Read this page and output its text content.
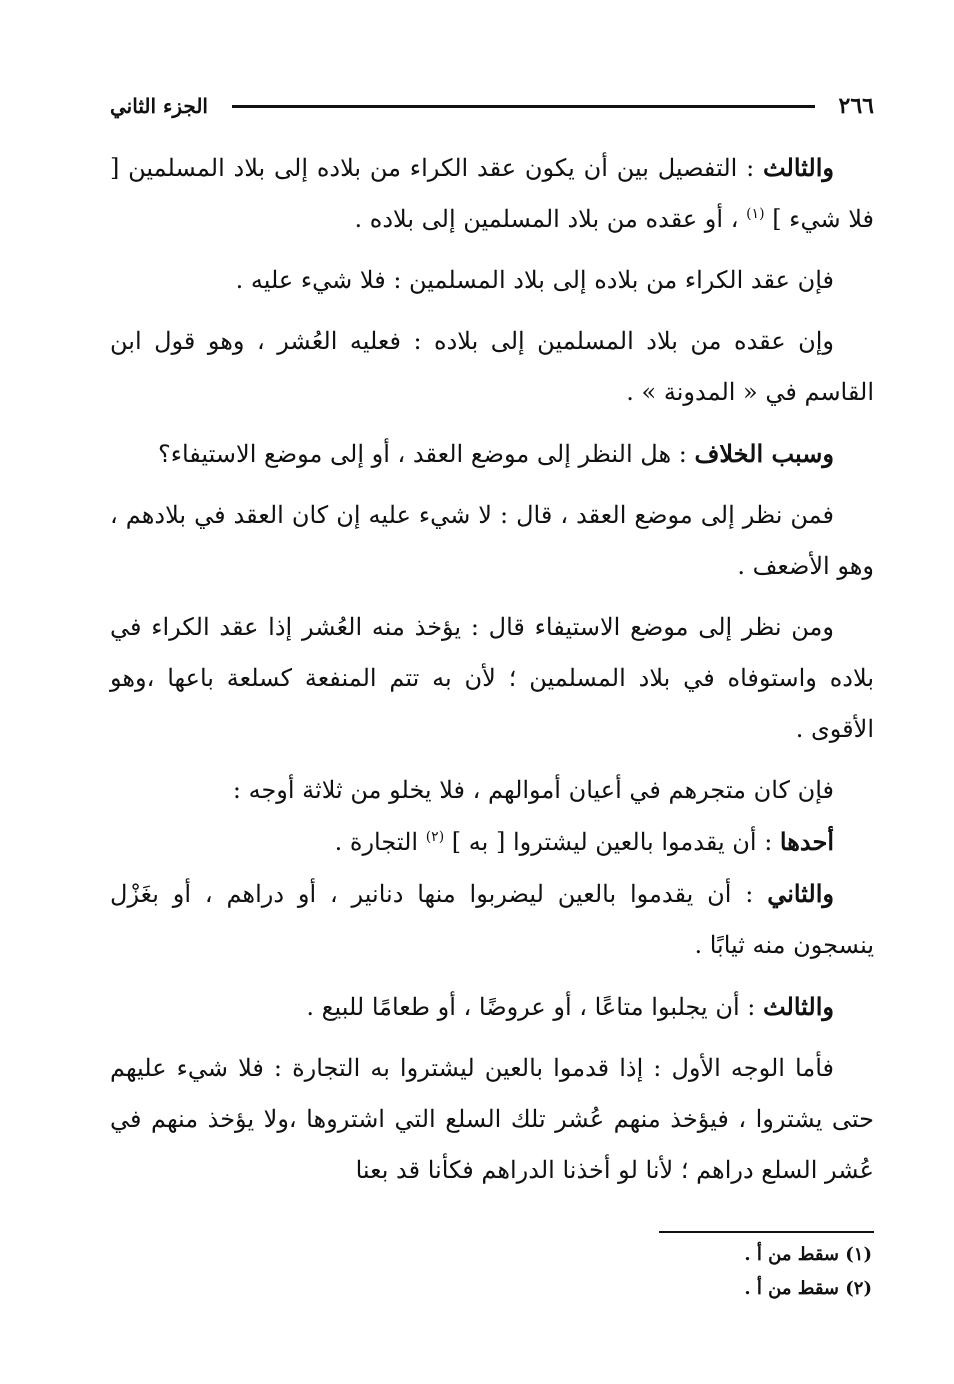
٢٦٦
الجزء الثاني

والثالث : التفصيل بين أن يكون عقد الكراء من بلاده إلى بلاد المسلمين [ فلا شيء ] $^{(١)}$ ، أو عقده من بلاد المسلمين إلى بلاده .

فإن عقد الكراء من بلاده إلى بلاد المسلمين : فلا شيء عليه .

وإن عقده من بلاد المسلمين إلى بلاده : فعليه العُشر ، وهو قول ابن القاسم في « المدونة » .

وسبب الخلاف : هل النظر إلى موضع العقد ، أو إلى موضع الاستيفاء؟

فمن نظر إلى موضع العقد ، قال : لا شيء عليه إن كان العقد في بلادهم ، وهو الأضعف .

ومن نظر إلى موضع الاستيفاء قال : يؤخذ منه العُشر إذا عقد الكراء في بلاده واستوفاه في بلاد المسلمين ؛ لأن به تتم المنفعة كسلعة باعها ،وهو الأقوى .

فإن كان متجرهم في أعيان أموالهم ، فلا يخلو من ثلاثة أوجه :

أحدها : أن يقدموا بالعين ليشتروا [ به ] $^{(٢)}$ التجارة .

والثاني : أن يقدموا بالعين ليضربوا منها دنانير ، أو دراهم ، أو بغَزْل ينسجون منه ثيابًا .

والثالث : أن يجلبوا متاعًا ، أو عروضًا ، أو طعامًا للبيع .

فأما الوجه الأول : إذا قدموا بالعين ليشتروا به التجارة : فلا شيء عليهم حتى يشتروا ، فيؤخذ منهم عُشر تلك السلع التي اشتروها ،ولا يؤخذ منهم في عُشر السلع دراهم ؛ لأنا لو أخذنا الدراهم فكأنا قد بعنا

(١) سقط من أ .

(٢) سقط من أ .
